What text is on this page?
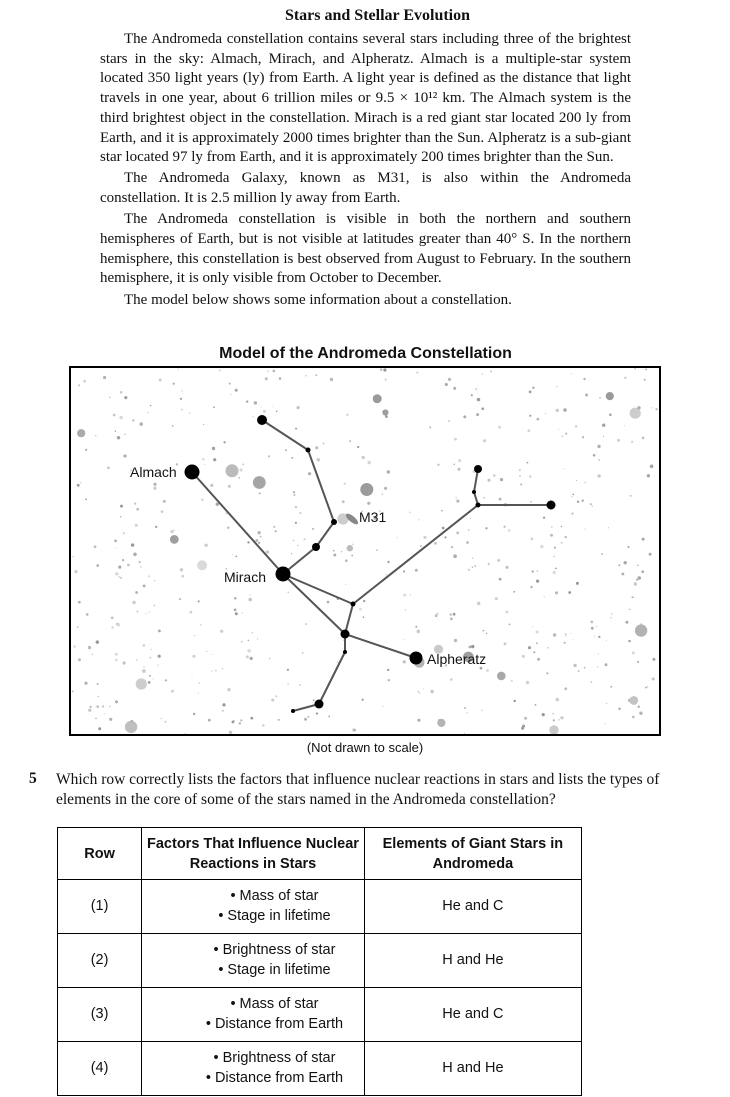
Stars and Stellar Evolution

The Andromeda constellation contains several stars including three of the brightest stars in the sky: Almach, Mirach, and Alpheratz. Almach is a multiple-star system located 350 light years (ly) from Earth. A light year is defined as the distance that light travels in one year, about 6 trillion miles or 9.5 × 10¹² km. The Almach system is the third brightest object in the constellation. Mirach is a red giant star located 200 ly from Earth, and it is approximately 2000 times brighter than the Sun. Alpheratz is a sub-giant star located 97 ly from Earth, and it is approximately 200 times brighter than the Sun.

The Andromeda Galaxy, known as M31, is also within the Andromeda constellation. It is 2.5 million ly away from Earth.

The Andromeda constellation is visible in both the northern and southern hemispheres of Earth, but is not visible at latitudes greater than 40° S. In the northern hemisphere, this constellation is best observed from August to February. In the southern hemisphere, it is only visible from October to December.

The model below shows some information about a constellation.

Model of the Andromeda Constellation
Almach
Mirach
Alpheratz
M31
(Not drawn to scale)
5 Which row correctly lists the factors that influence nuclear reactions in stars and lists the types of elements in the core of some of the stars named in the Andromeda constellation?
Row	Factors That Influence Nuclear Reactions in Stars	Elements of Giant Stars in Andromeda
(1)	• Mass of star
• Stage in lifetime	He and C
(2)	• Brightness of star
• Stage in lifetime	H and He
(3)	• Mass of star
• Distance from Earth	He and C
(4)	• Brightness of star
• Distance from Earth	H and He
